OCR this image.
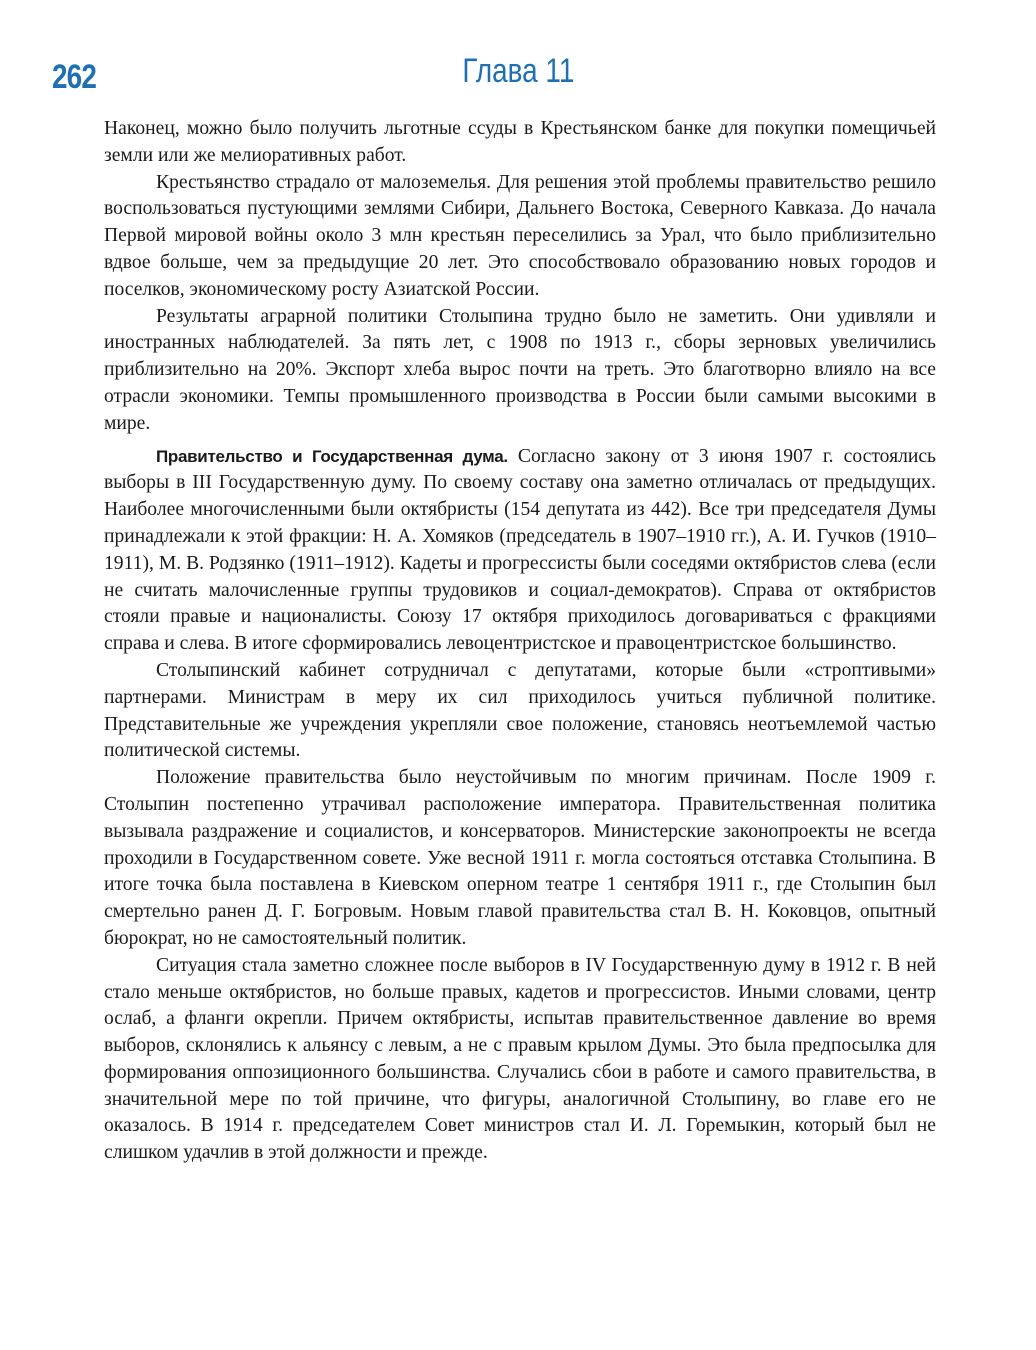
262	Глава 11

Наконец, можно было получить льготные ссуды в Крестьянском банке для покупки помещичьей земли или же мелиоративных работ.

Крестьянство страдало от малоземелья. Для решения этой проблемы правительство решило воспользоваться пустующими землями Сибири, Дальнего Востока, Северного Кавказа. До начала Первой мировой войны около 3 млн крестьян переселились за Урал, что было приблизительно вдвое больше, чем за предыдущие 20 лет. Это способствовало образованию новых городов и поселков, экономическому росту Азиатской России.

Результаты аграрной политики Столыпина трудно было не заметить. Они удивляли и иностранных наблюдателей. За пять лет, с 1908 по 1913 г., сборы зерновых увеличились приблизительно на 20%. Экспорт хлеба вырос почти на треть. Это благотворно влияло на все отрасли экономики. Темпы промышленного производства в России были самыми высокими в мире.

Правительство и Государственная дума. Согласно закону от 3 июня 1907 г. состоялись выборы в III Государственную думу. По своему составу она заметно отличалась от предыдущих. Наиболее многочисленными были октябристы (154 депутата из 442). Все три председателя Думы принадлежали к этой фракции: Н. А. Хомяков (председатель в 1907–1910 гг.), А. И. Гучков (1910–1911), М. В. Родзянко (1911–1912). Кадеты и прогрессисты были соседями октябристов слева (если не считать малочисленные группы трудовиков и социал-демократов). Справа от октябристов стояли правые и националисты. Союзу 17 октября приходилось договариваться с фракциями справа и слева. В итоге сформировались левоцентристское и правоцентристское большинство.

Столыпинский кабинет сотрудничал с депутатами, которые были «строптивыми» партнерами. Министрам в меру их сил приходилось учиться публичной политике. Представительные же учреждения укрепляли свое положение, становясь неотъемлемой частью политической системы.

Положение правительства было неустойчивым по многим причинам. После 1909 г. Столыпин постепенно утрачивал расположение императора. Правительственная политика вызывала раздражение и социалистов, и консерваторов. Министерские законопроекты не всегда проходили в Государственном совете. Уже весной 1911 г. могла состояться отставка Столыпина. В итоге точка была поставлена в Киевском оперном театре 1 сентября 1911 г., где Столыпин был смертельно ранен Д. Г. Богровым. Новым главой правительства стал В. Н. Коковцов, опытный бюрократ, но не самостоятельный политик.

Ситуация стала заметно сложнее после выборов в IV Государственную думу в 1912 г. В ней стало меньше октябристов, но больше правых, кадетов и прогрессистов. Иными словами, центр ослаб, а фланги окрепли. Причем октябристы, испытав правительственное давление во время выборов, склонялись к альянсу с левым, а не с правым крылом Думы. Это была предпосылка для формирования оппозиционного большинства. Случались сбои в работе и самого правительства, в значительной мере по той причине, что фигуры, аналогичной Столыпину, во главе его не оказалось. В 1914 г. председателем Совет министров стал И. Л. Горемыкин, который был не слишком удачлив в этой должности и прежде.
